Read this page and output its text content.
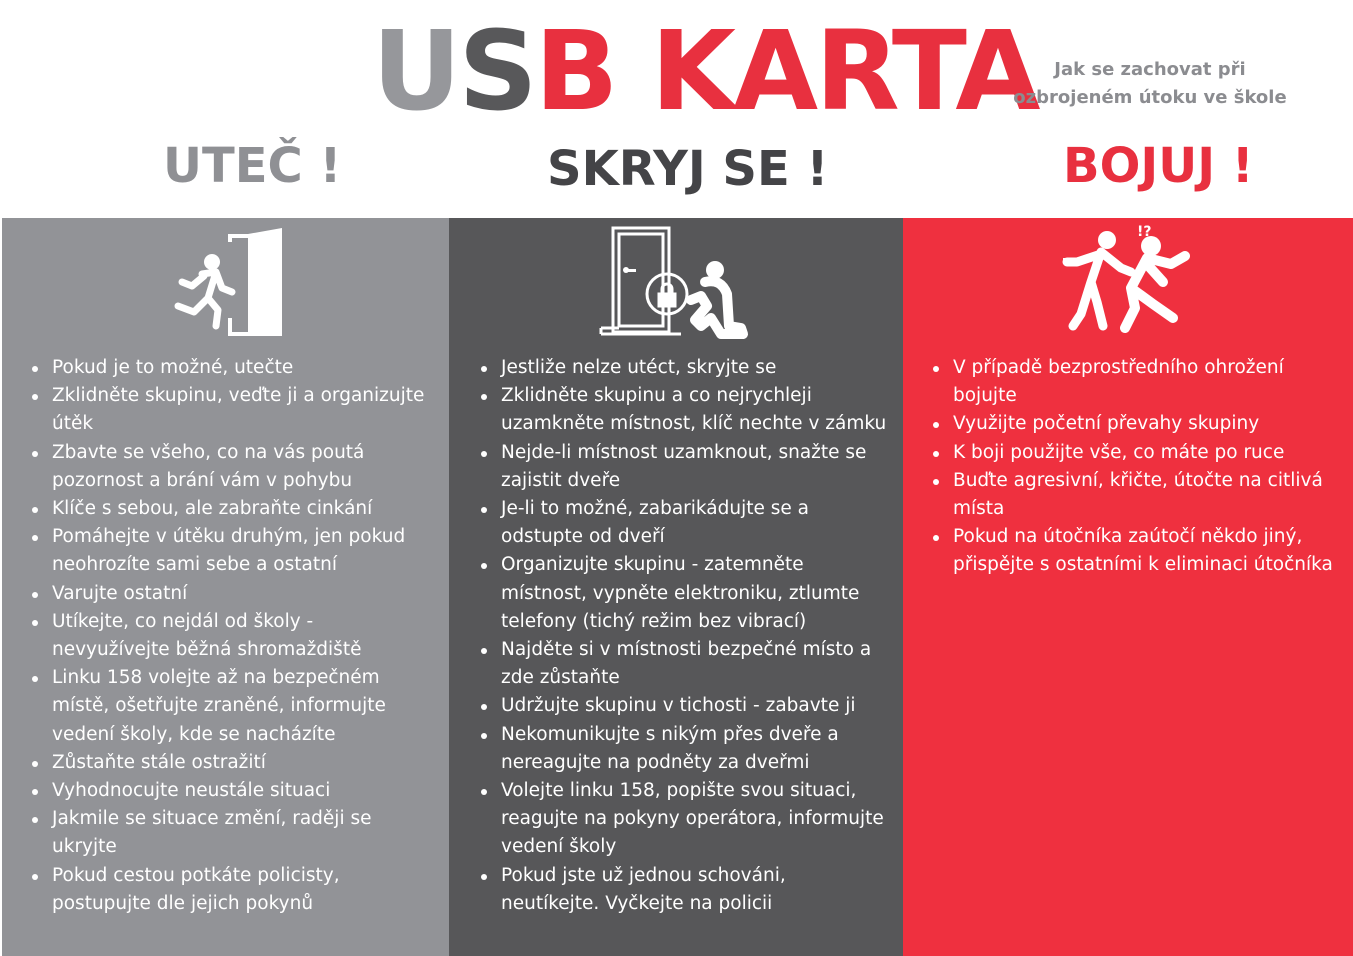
USB KARTA Jak se zachovat při
ozbrojeném útoku ve škole
UTEČ !	SKRYJ SE !	BOJUJ !
Pokud je to možné, utečte
Zklidněte skupinu, veďte ji a organizujte útěk
Zbavte se všeho, co na vás poutá pozornost a brání vám v pohybu
Klíče s sebou, ale zabraňte cinkání
Pomáhejte v útěku druhým, jen pokud neohrozíte sami sebe a ostatní
Varujte ostatní
Utíkejte, co nejdál od školy - nevyužívejte běžná shromaždiště
Linku 158 volejte až na bezpečném místě, ošetřujte zraněné, informujte vedení školy, kde se nacházíte
Zůstaňte stále ostražití
Vyhodnocujte neustále situaci
Jakmile se situace změní, raději se ukryjte
Pokud cestou potkáte policisty, postupujte dle jejich pokynů
Jestliže nelze utéct, skryjte se
Zklidněte skupinu a co nejrychleji uzamkněte místnost, klíč nechte v zámku
Nejde-li místnost uzamknout, snažte se zajistit dveře
Je-li to možné, zabarikádujte se a odstupte od dveří
Organizujte skupinu - zatemněte místnost, vypněte elektroniku, ztlumte telefony (tichý režim bez vibrací)
Najděte si v místnosti bezpečné místo a zde zůstaňte
Udržujte skupinu v tichosti - zabavte ji
Nekomunikujte s nikým přes dveře a nereagujte na podněty za dveřmi
Volejte linku 158, popište svou situaci, reagujte na pokyny operátora, informujte vedení školy
Pokud jste už jednou schováni, neutíkejte. Vyčkejte na policii
!?
V případě bezprostředního ohrožení bojujte
Využijte početní převahy skupiny
K boji použijte vše, co máte po ruce
Buďte agresivní, křičte, útočte na citlivá místa
Pokud na útočníka zaútočí někdo jiný, přispějte s ostatními k eliminaci útočníka
